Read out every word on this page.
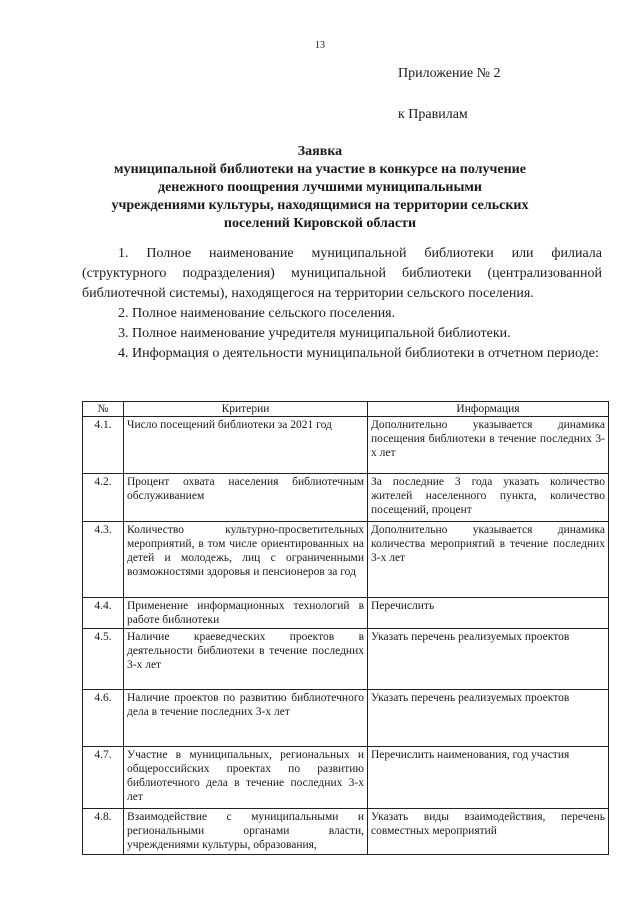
13
Приложение № 2
к Правилам
Заявка
муниципальной библиотеки на участие в конкурсе на получение
денежного поощрения лучшими муниципальными
учреждениями культуры, находящимися на территории сельских
поселений Кировской области

1. Полное наименование муниципальной библиотеки или филиала (структурного подразделения) муниципальной библиотеки (централизованной библиотечной системы), находящегося на территории сельского поселения.

2. Полное наименование сельского поселения.

3. Полное наименование учредителя муниципальной библиотеки.

4. Информация о деятельности муниципальной библиотеки в отчетном периоде:

№	Критерии	Информация
4.1.	Число посещений библиотеки за 2021 год	Дополнительно указывается динамика посещения библиотеки в течение последних 3-х лет
4.2.	Процент охвата населения библиотечным обслуживанием	За последние 3 года указать количество жителей населенного пункта, количество посещений, процент
4.3.	Количество культурно-просветительных мероприятий, в том числе ориентированных на детей и молодежь, лиц с ограниченными возможностями здоровья и пенсионеров за год	Дополнительно указывается динамика количества мероприятий в течение последних 3-х лет
4.4.	Применение информационных технологий в работе библиотеки	Перечислить
4.5.	Наличие краеведческих проектов в деятельности библиотеки в течение последних 3-х лет	Указать перечень реализуемых проектов
4.6.	Наличие проектов по развитию библиотечного дела в течение последних 3-х лет	Указать перечень реализуемых проектов
4.7.	Участие в муниципальных, региональных и общероссийских проектах по развитию библиотечного дела в течение последних 3-х лет	Перечислить наименования, год участия
4.8.	Взаимодействие с муниципальными и региональными органами власти, учреждениями культуры, образования,	Указать виды взаимодействия, перечень совместных мероприятий
